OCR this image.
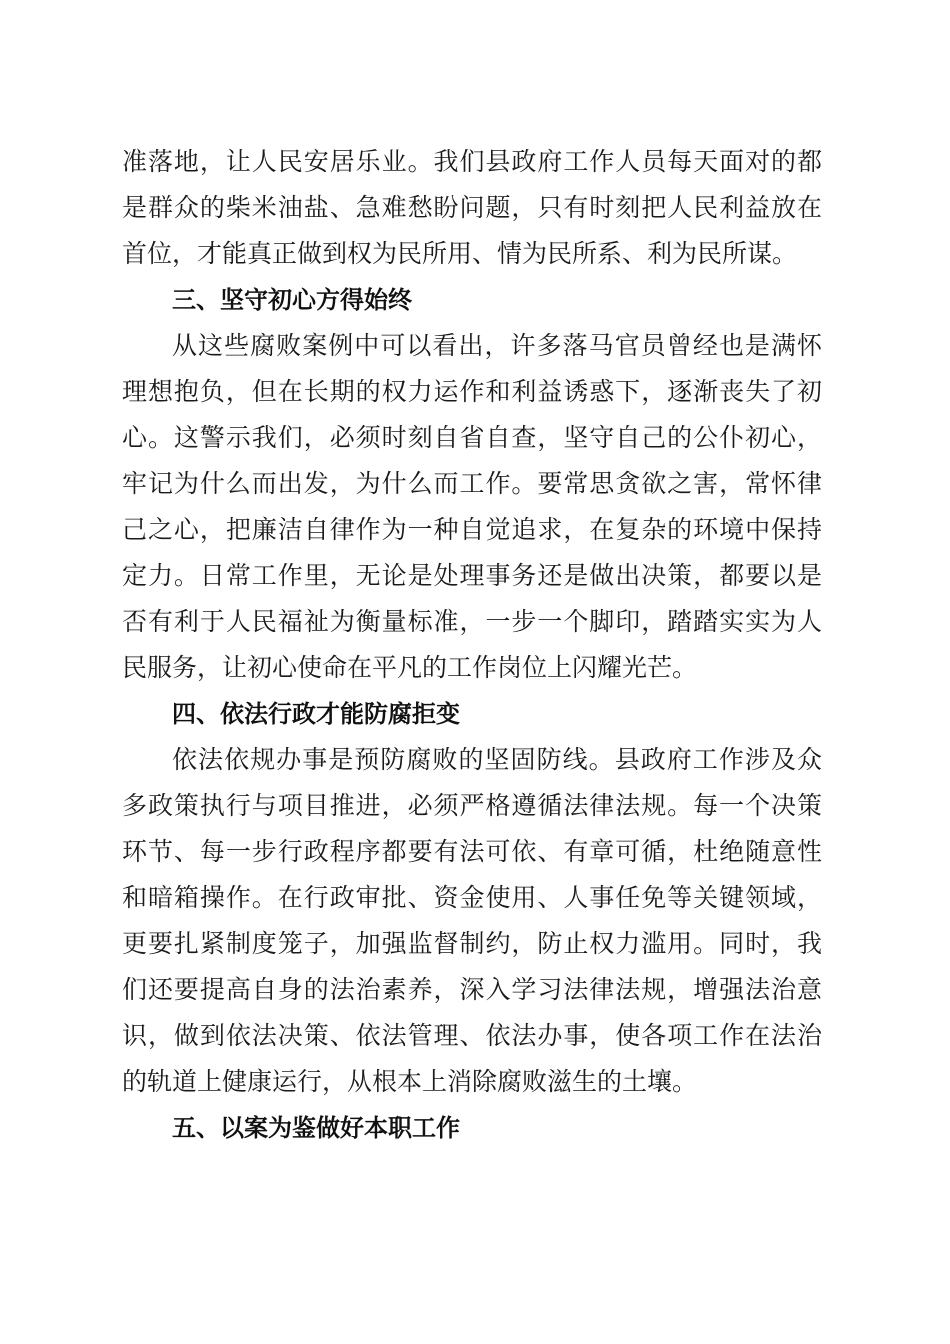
准落地，让人民安居乐业。我们县政府工作人员每天面对的都
是群众的柴米油盐、急难愁盼问题，只有时刻把人民利益放在
首位，才能真正做到权为民所用、情为民所系、利为民所谋。
三、坚守初心方得始终
从这些腐败案例中可以看出，许多落马官员曾经也是满怀
理想抱负，但在长期的权力运作和利益诱惑下，逐渐丧失了初
心。这警示我们，必须时刻自省自查，坚守自己的公仆初心，
牢记为什么而出发，为什么而工作。要常思贪欲之害，常怀律
己之心，把廉洁自律作为一种自觉追求，在复杂的环境中保持
定力。日常工作里，无论是处理事务还是做出决策，都要以是
否有利于人民福祉为衡量标准，一步一个脚印，踏踏实实为人
民服务，让初心使命在平凡的工作岗位上闪耀光芒。
四、依法行政才能防腐拒变
依法依规办事是预防腐败的坚固防线。县政府工作涉及众
多政策执行与项目推进，必须严格遵循法律法规。每一个决策
环节、每一步行政程序都要有法可依、有章可循，杜绝随意性
和暗箱操作。在行政审批、资金使用、人事任免等关键领域，
更要扎紧制度笼子，加强监督制约，防止权力滥用。同时，我
们还要提高自身的法治素养，深入学习法律法规，增强法治意
识，做到依法决策、依法管理、依法办事，使各项工作在法治
的轨道上健康运行，从根本上消除腐败滋生的土壤。
五、以案为鉴做好本职工作
